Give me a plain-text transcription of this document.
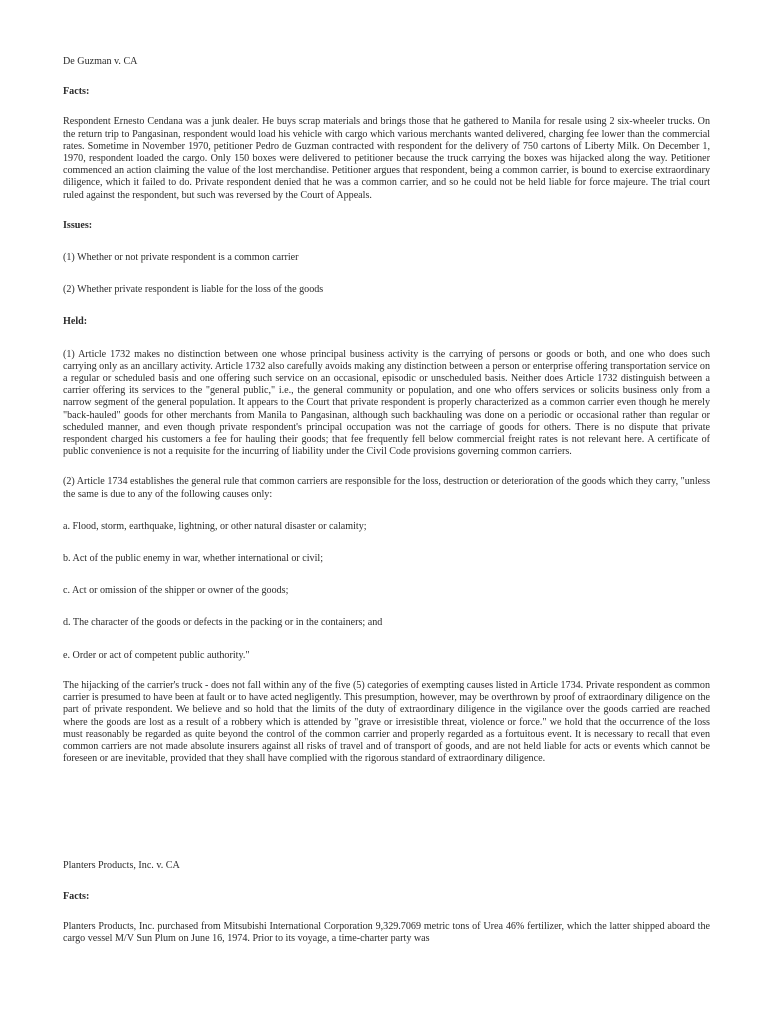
De Guzman v. CA

Facts:

Respondent Ernesto Cendana was a junk dealer. He buys scrap materials and brings those that he gathered to Manila for resale using 2 six-wheeler trucks. On the return trip to Pangasinan, respondent would load his vehicle with cargo which various merchants wanted delivered, charging fee lower than the commercial rates. Sometime in November 1970, petitioner Pedro de Guzman contracted with respondent for the delivery of 750 cartons of Liberty Milk. On December 1, 1970, respondent loaded the cargo. Only 150 boxes were delivered to petitioner because the truck carrying the boxes was hijacked along the way. Petitioner commenced an action claiming the value of the lost merchandise. Petitioner argues that respondent, being a common carrier, is bound to exercise extraordinary diligence, which it failed to do. Private respondent denied that he was a common carrier, and so he could not be held liable for force majeure. The trial court ruled against the respondent, but such was reversed by the Court of Appeals.

Issues:

(1) Whether or not private respondent is a common carrier

(2) Whether private respondent is liable for the loss of the goods

Held:

(1) Article 1732 makes no distinction between one whose principal business activity is the carrying of persons or goods or both, and one who does such carrying only as an ancillary activity. Article 1732 also carefully avoids making any distinction between a person or enterprise offering transportation service on a regular or scheduled basis and one offering such service on an occasional, episodic or unscheduled basis. Neither does Article 1732 distinguish between a carrier offering its services to the "general public," i.e., the general community or population, and one who offers services or solicits business only from a narrow segment of the general population. It appears to the Court that private respondent is properly characterized as a common carrier even though he merely "back-hauled" goods for other merchants from Manila to Pangasinan, although such backhauling was done on a periodic or occasional rather than regular or scheduled manner, and even though private respondent's principal occupation was not the carriage of goods for others. There is no dispute that private respondent charged his customers a fee for hauling their goods; that fee frequently fell below commercial freight rates is not relevant here. A certificate of public convenience is not a requisite for the incurring of liability under the Civil Code provisions governing common carriers.

(2) Article 1734 establishes the general rule that common carriers are responsible for the loss, destruction or deterioration of the goods which they carry, "unless the same is due to any of the following causes only:

a. Flood, storm, earthquake, lightning, or other natural disaster or calamity;

b. Act of the public enemy in war, whether international or civil;

c. Act or omission of the shipper or owner of the goods;

d. The character of the goods or defects in the packing or in the containers; and

e. Order or act of competent public authority."

The hijacking of the carrier's truck - does not fall within any of the five (5) categories of exempting causes listed in Article 1734. Private respondent as common carrier is presumed to have been at fault or to have acted negligently. This presumption, however, may be overthrown by proof of extraordinary diligence on the part of private respondent. We believe and so hold that the limits of the duty of extraordinary diligence in the vigilance over the goods carried are reached where the goods are lost as a result of a robbery which is attended by "grave or irresistible threat, violence or force." we hold that the occurrence of the loss must reasonably be regarded as quite beyond the control of the common carrier and properly regarded as a fortuitous event. It is necessary to recall that even common carriers are not made absolute insurers against all risks of travel and of transport of goods, and are not held liable for acts or events which cannot be foreseen or are inevitable, provided that they shall have complied with the rigorous standard of extraordinary diligence.

Planters Products, Inc. v. CA

Facts:

Planters Products, Inc. purchased from Mitsubishi International Corporation 9,329.7069 metric tons of Urea 46% fertilizer, which the latter shipped aboard the cargo vessel M/V Sun Plum on June 16, 1974. Prior to its voyage, a time-charter party was
